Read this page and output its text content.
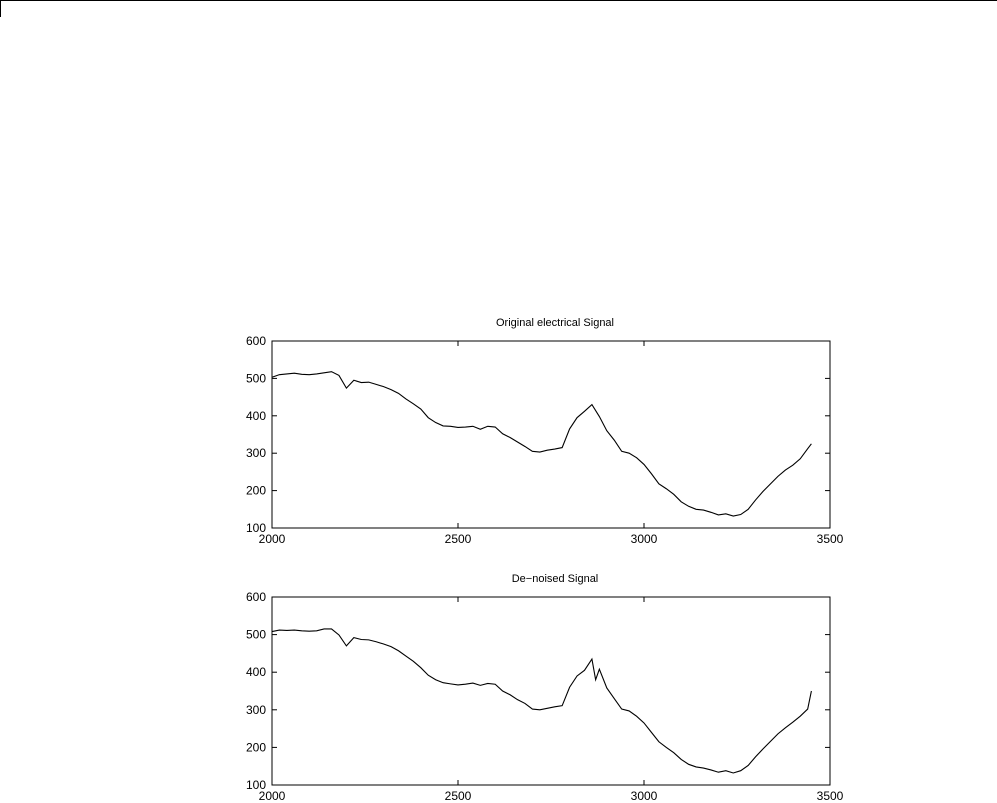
Original electrical Signal
2000	2500	3000	3500
100
200
300
400
500
600
De−noised Signal
2000	2500	3000	3500
100
200
300
400
500
600
